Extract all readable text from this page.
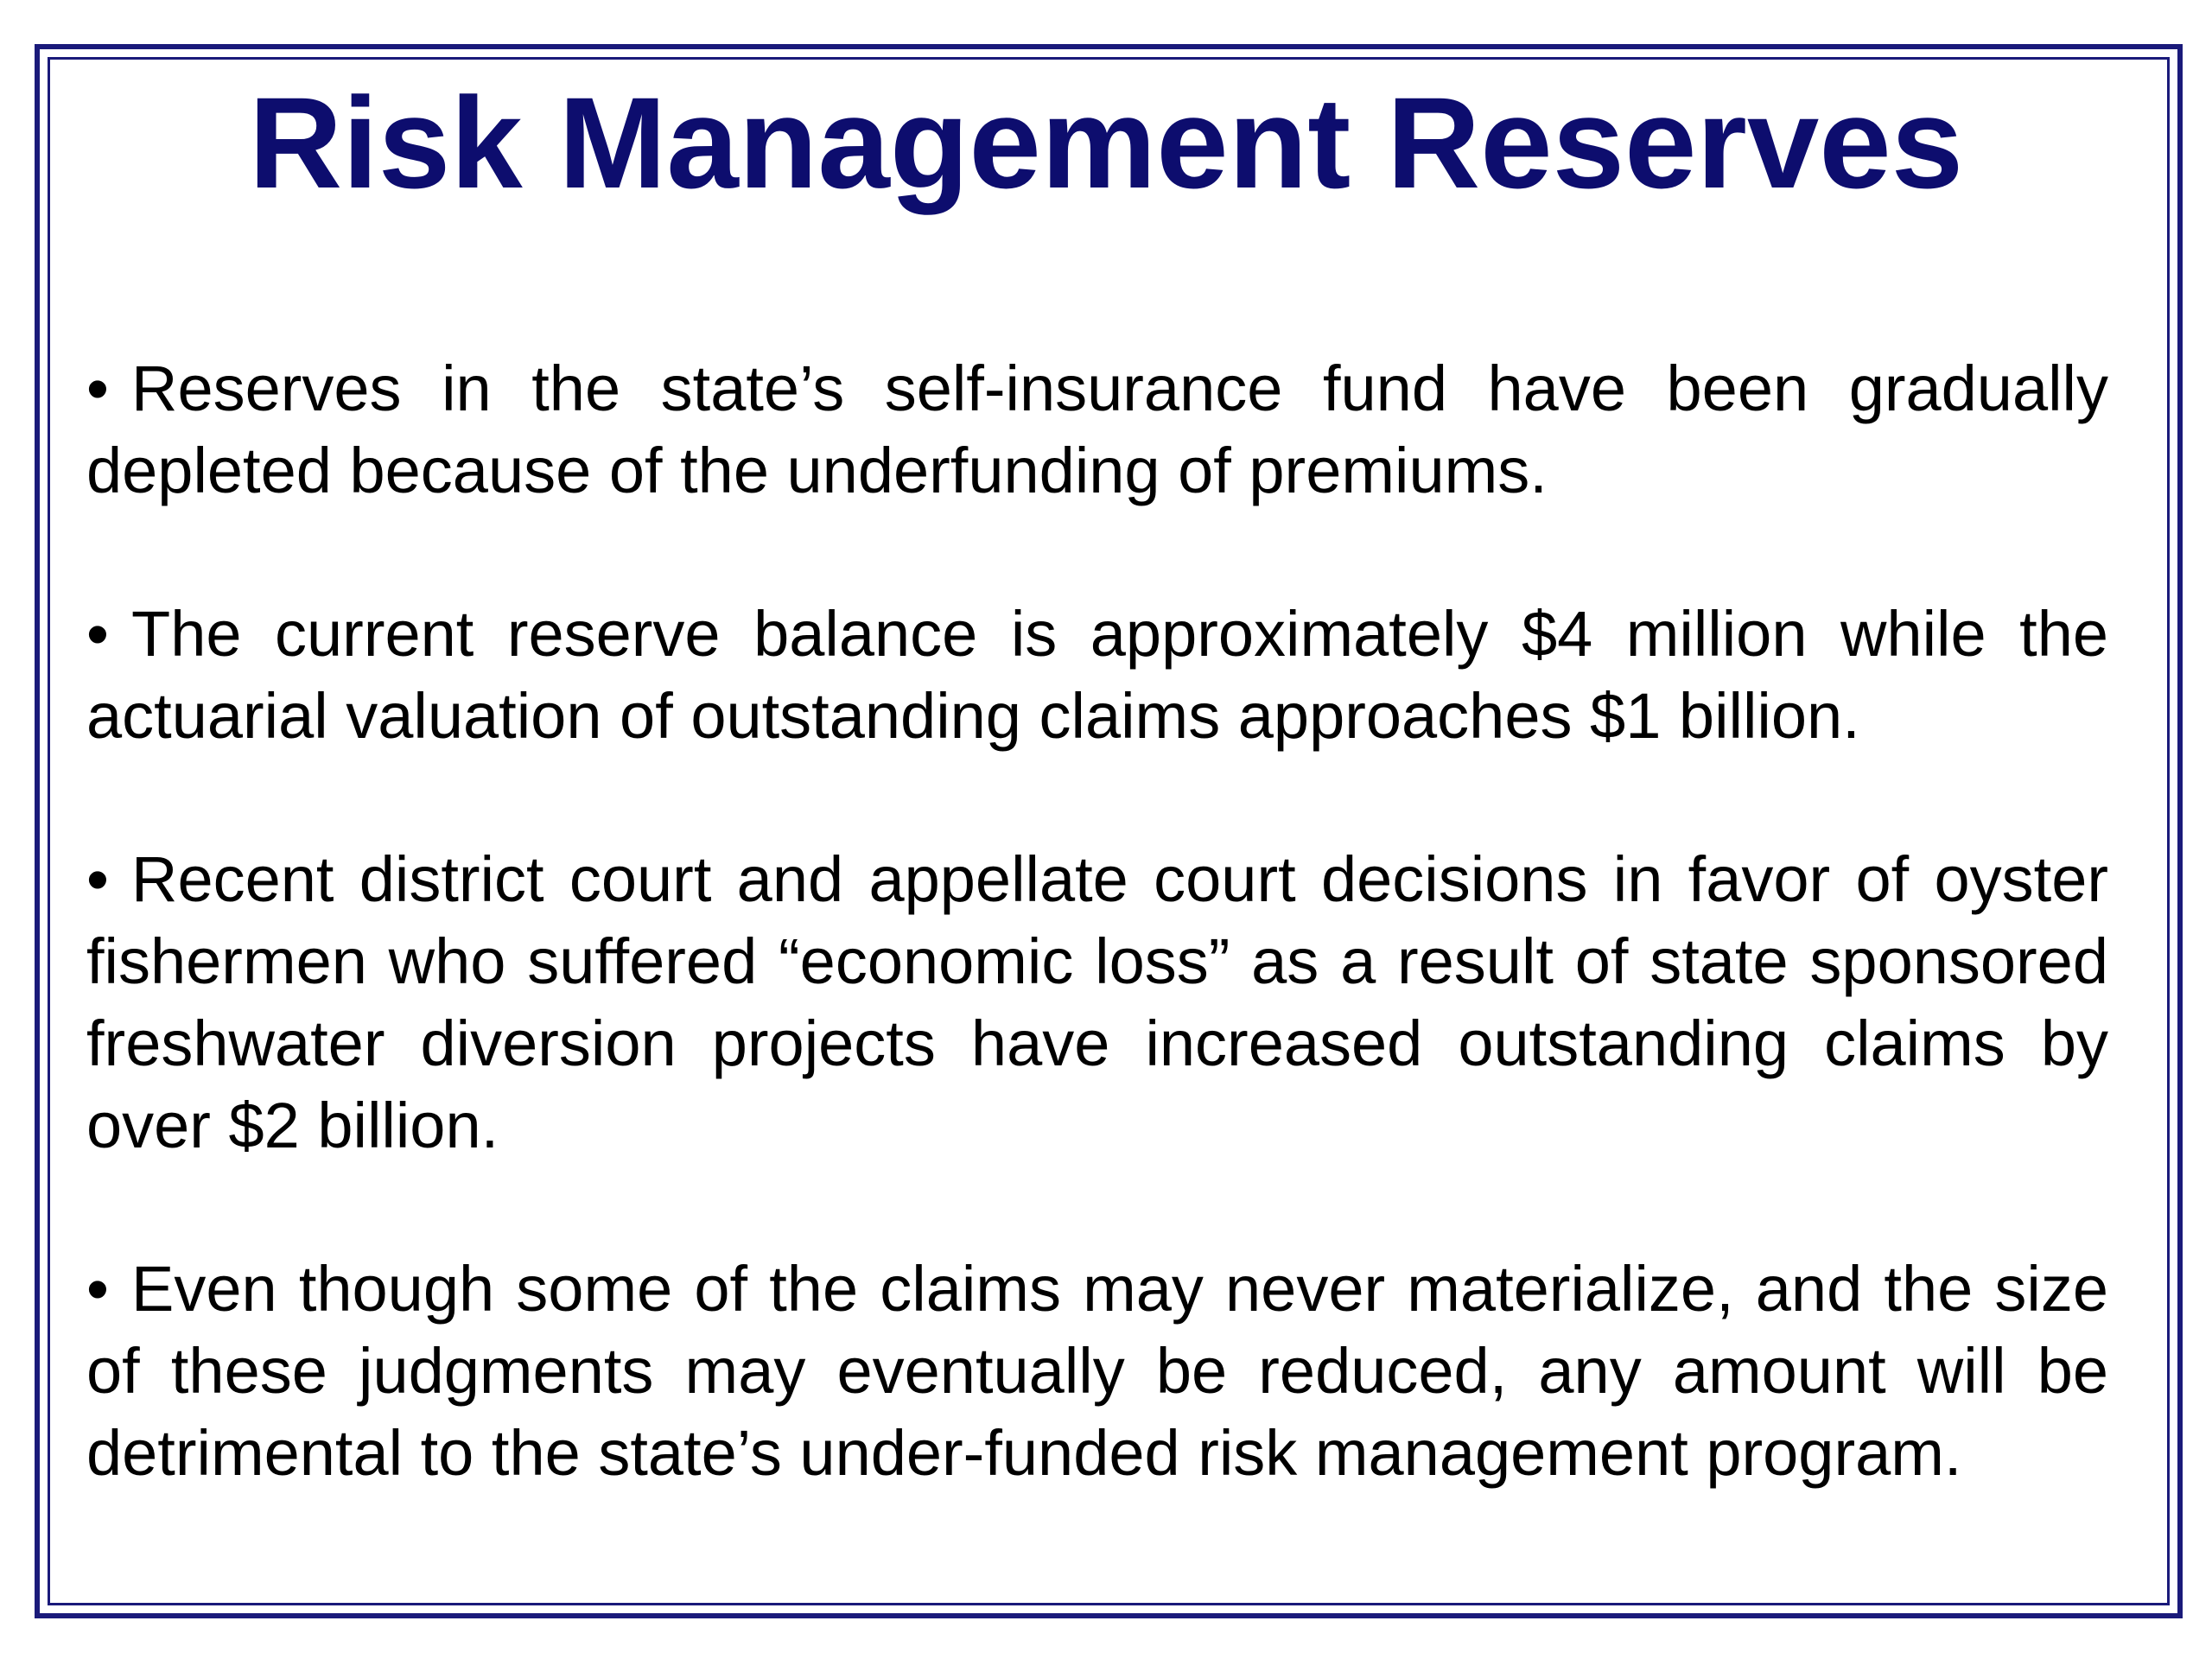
Risk Management Reserves

• Reserves in the state’s self-insurance fund have been gradually depleted because of the underfunding of premiums.

• The current reserve balance is approximately $4 million while the actuarial valuation of outstanding claims approaches $1 billion.

• Recent district court and appellate court decisions in favor of oyster fishermen who suffered “economic loss” as a result of state sponsored freshwater diversion projects have increased outstanding claims by over $2 billion.

• Even though some of the claims may never materialize, and the size of these judgments may eventually be reduced, any amount will be detrimental to the state’s under-funded risk management program.
